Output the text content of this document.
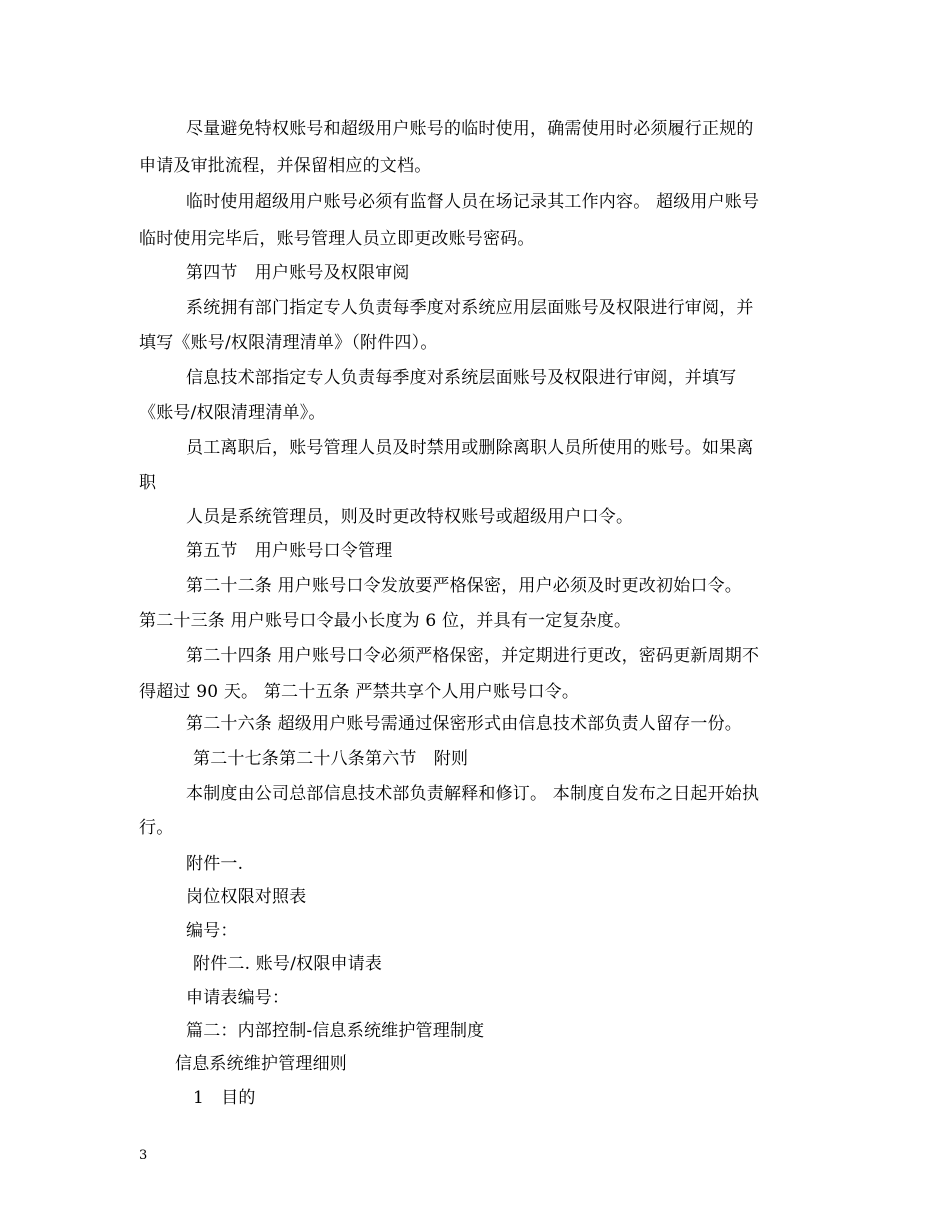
尽量避免特权账号和超级用户账号的临时使用，确需使用时必须履行正规的
申请及审批流程，并保留相应的文档。
临时使用超级用户账号必须有监督人员在场记录其工作内容。 超级用户账号
临时使用完毕后，账号管理人员立即更改账号密码。
第四节　用户账号及权限审阅
系统拥有部门指定专人负责每季度对系统应用层面账号及权限进行审阅，并
填写《账号/权限清理清单》（附件四）。
信息技术部指定专人负责每季度对系统层面账号及权限进行审阅，并填写
《账号/权限清理清单》。
员工离职后，账号管理人员及时禁用或删除离职人员所使用的账号。如果离
职
人员是系统管理员，则及时更改特权账号或超级用户口令。
第五节　用户账号口令管理
第二十二条 用户账号口令发放要严格保密，用户必须及时更改初始口令。
第二十三条 用户账号口令最小长度为 6 位，并具有一定复杂度。
第二十四条 用户账号口令必须严格保密，并定期进行更改，密码更新周期不
得超过 90 天。 第二十五条 严禁共享个人用户账号口令。
第二十六条 超级用户账号需通过保密形式由信息技术部负责人留存一份。
第二十七条第二十八条第六节　附则
本制度由公司总部信息技术部负责解释和修订。 本制度自发布之日起开始执
行。
附件一.
岗位权限对照表
编号：
附件二. 账号/权限申请表
申请表编号：
篇二：内部控制-信息系统维护管理制度
信息系统维护管理细则
1　目的
3
